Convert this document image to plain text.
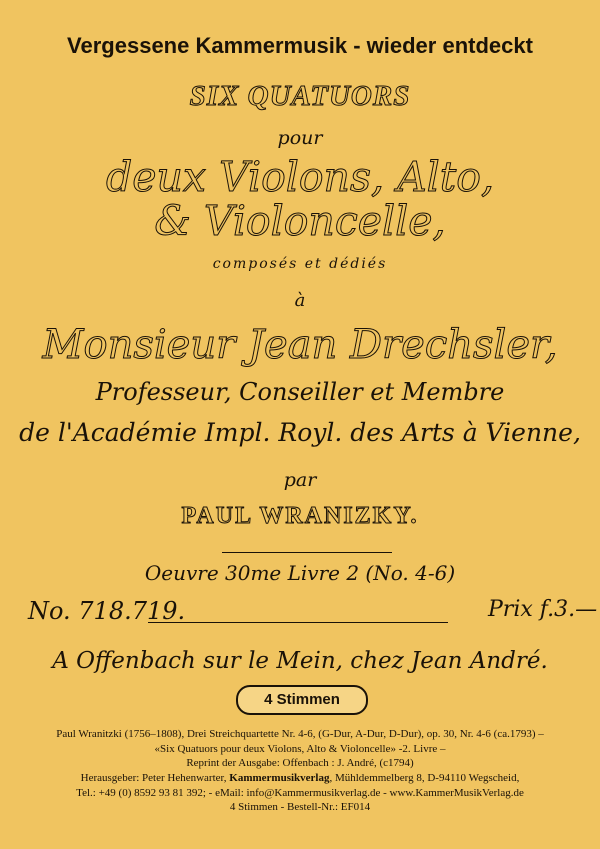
Vergessene Kammermusik - wieder entdeckt
SIX QUATUORS
pour
deux Violons, Alto,
& Violoncelle,
composés et dédiés
à
Monsieur Jean Drechsler,
Professeur, Conseiller et Membre
de l'Académie Impl. Royl. des Arts à Vienne,
par
PAUL WRANIZKY.
Oeuvre 30me Livre 2 (No. 4-6)
No. 718.719.	Prix f.3.—
A Offenbach sur le Mein, chez Jean André.
4 Stimmen
Paul Wranitzki (1756–1808), Drei Streichquartette Nr. 4-6, (G-Dur, A-Dur, D-Dur), op. 30, Nr. 4-6 (ca.1793) –
«Six Quatuors pour deux Violons, Alto & Violoncelle» -2. Livre –
Reprint der Ausgabe: Offenbach : J. André, (c1794)
Herausgeber: Peter Hehenwarter, Kammermusikverlag, Mühldemmelberg 8, D-94110 Wegscheid,
Tel.: +49 (0) 8592 93 81 392; - eMail: info@Kammermusikverlag.de - www.KammerMusikVerlag.de
4 Stimmen - Bestell-Nr.: EF014
